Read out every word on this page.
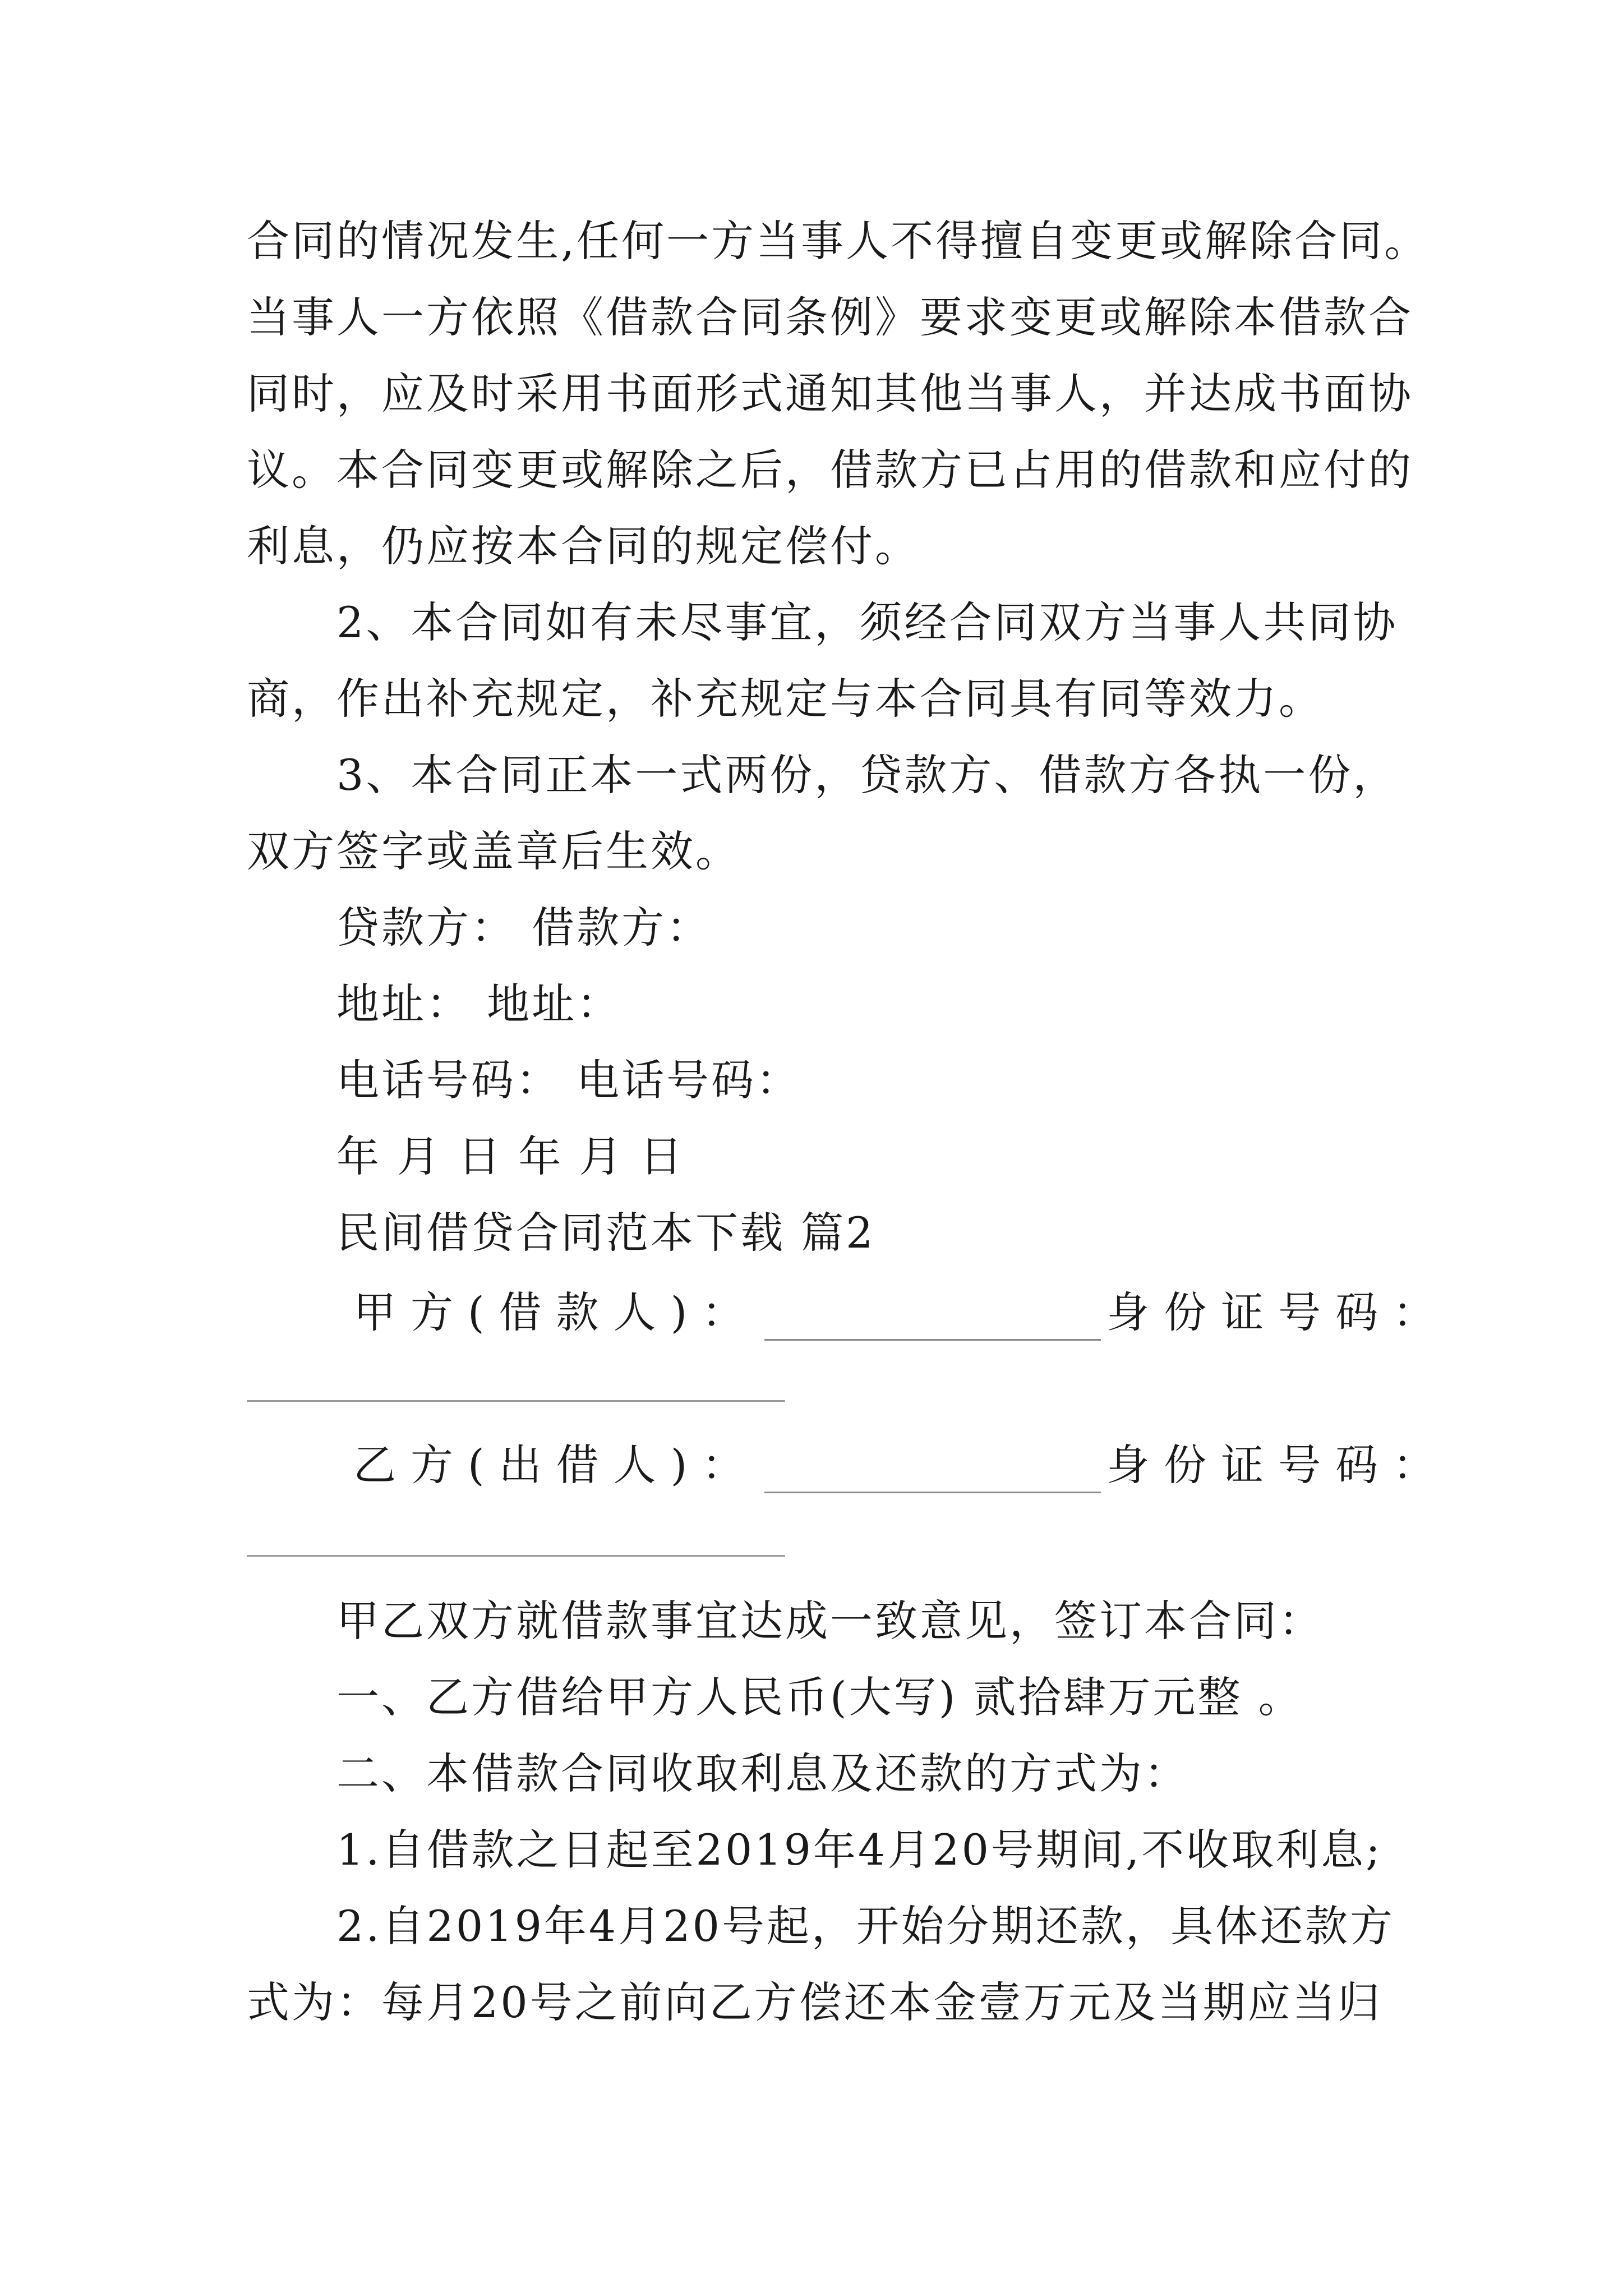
合同的情况发生,任何一方当事人不得擅自变更或解除合同。
当事人一方依照《借款合同条例》要求变更或解除本借款合
同时，应及时采用书面形式通知其他当事人，并达成书面协
议。本合同变更或解除之后，借款方已占用的借款和应付的
利息，仍应按本合同的规定偿付。
2、本合同如有未尽事宜，须经合同双方当事人共同协
商，作出补充规定，补充规定与本合同具有同等效力。
3、本合同正本一式两份，贷款方、借款方各执一份，
双方签字或盖章后生效。
贷款方： 借款方：
地址： 地址：
电话号码： 电话号码：
年 月 日 年 月 日
民间借贷合同范本下载 篇2
甲方(借款人)：	身份证号码：
乙方(出借人)：	身份证号码：
甲乙双方就借款事宜达成一致意见，签订本合同：
一、乙方借给甲方人民币(大写) 贰拾肆万元整 。
二、本借款合同收取利息及还款的方式为：
1.自借款之日起至2019年4月20号期间,不收取利息;
2.自2019年4月20号起，开始分期还款，具体还款方
式为：每月20号之前向乙方偿还本金壹万元及当期应当归
